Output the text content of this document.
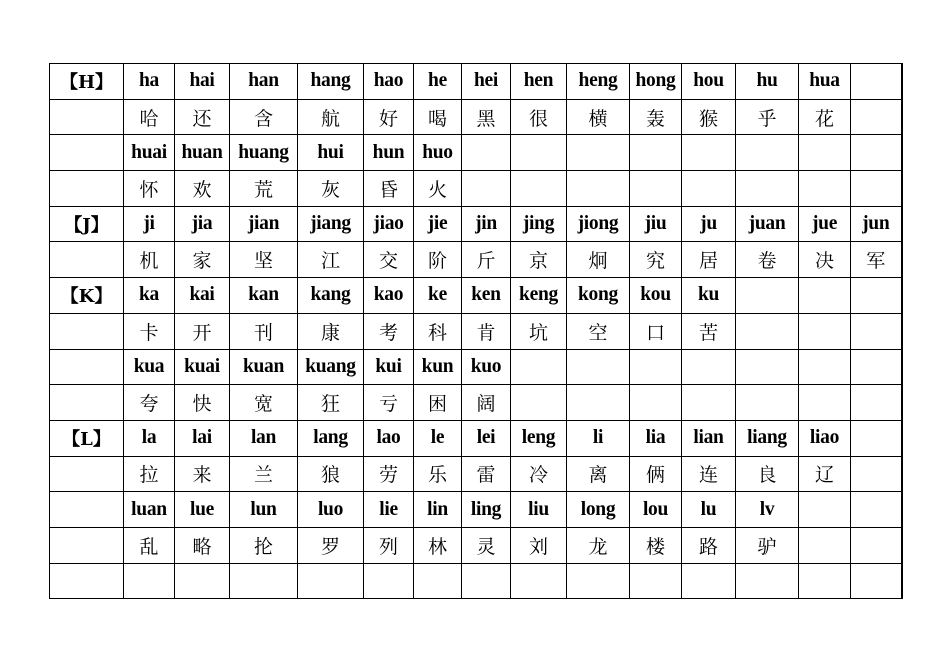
【H】	ha	hai	han	hang	hao	he	hei	hen	heng	hong	hou	hu	hua	
	哈	还	含	航	好	喝	黑	很	横	轰	猴	乎	花	
	huai	huan	huang	hui	hun	huo								
	怀	欢	荒	灰	昏	火								
【J】	ji	jia	jian	jiang	jiao	jie	jin	jing	jiong	jiu	ju	juan	jue	jun
	机	家	坚	江	交	阶	斤	京	炯	究	居	卷	决	军
【K】	ka	kai	kan	kang	kao	ke	ken	keng	kong	kou	ku			
	卡	开	刊	康	考	科	肯	坑	空	口	苦			
	kua	kuai	kuan	kuang	kui	kun	kuo							
	夸	快	宽	狂	亏	困	阔							
【L】	la	lai	lan	lang	lao	le	lei	leng	li	lia	lian	liang	liao	
	拉	来	兰	狼	劳	乐	雷	冷	离	俩	连	良	辽	
	luan	lue	lun	luo	lie	lin	ling	liu	long	lou	lu	lv		
	乱	略	抡	罗	列	林	灵	刘	龙	楼	路	驴		
